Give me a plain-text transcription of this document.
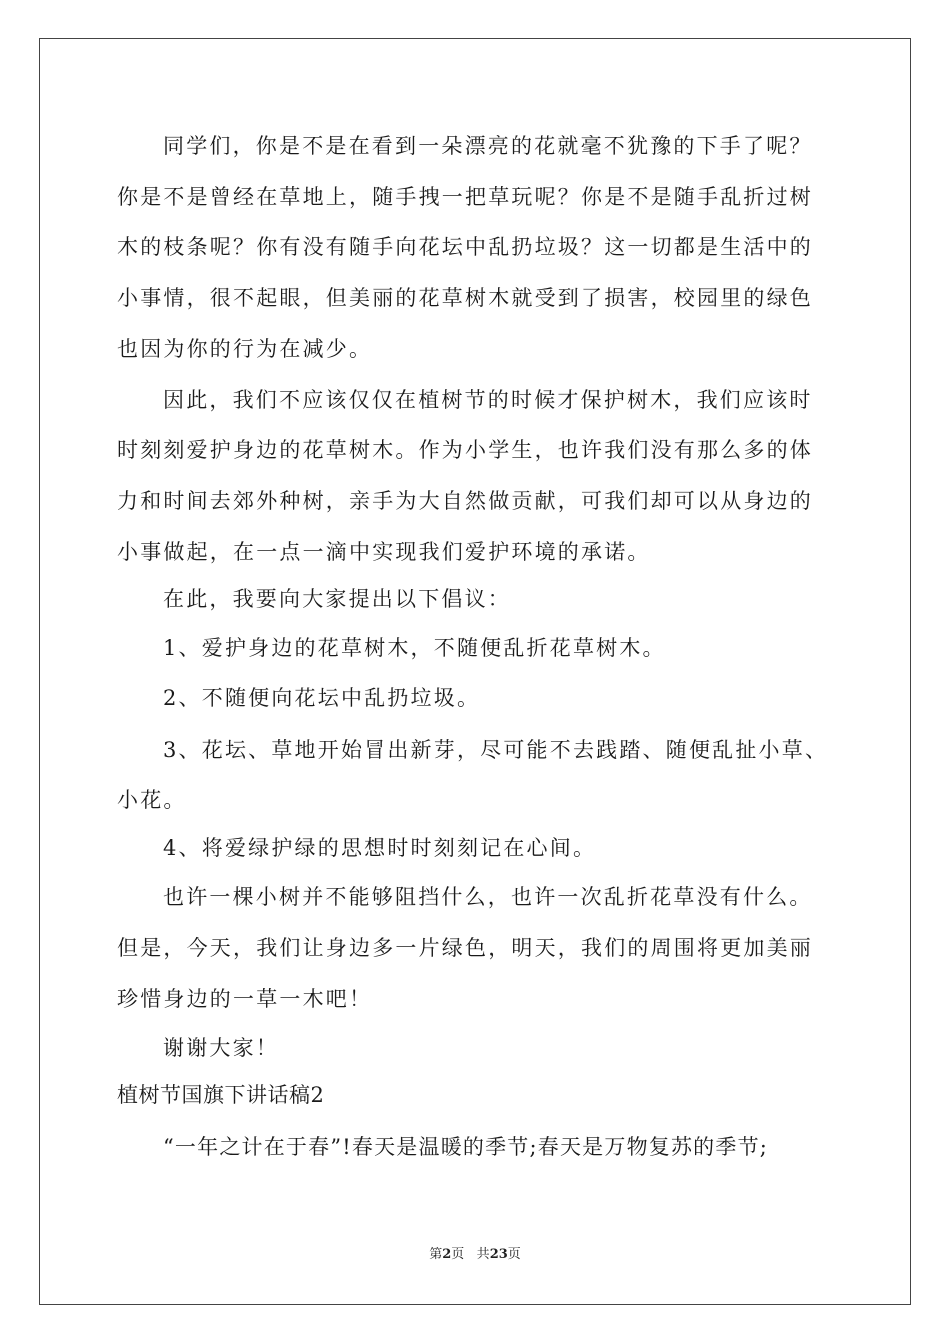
同学们，你是不是在看到一朵漂亮的花就毫不犹豫的下手了呢？
你是不是曾经在草地上，随手拽一把草玩呢？你是不是随手乱折过树
木的枝条呢？你有没有随手向花坛中乱扔垃圾？这一切都是生活中的
小事情，很不起眼，但美丽的花草树木就受到了损害，校园里的绿色
也因为你的行为在减少。
因此，我们不应该仅仅在植树节的时候才保护树木，我们应该时
时刻刻爱护身边的花草树木。作为小学生，也许我们没有那么多的体
力和时间去郊外种树，亲手为大自然做贡献，可我们却可以从身边的
小事做起，在一点一滴中实现我们爱护环境的承诺。
在此，我要向大家提出以下倡议：
1、爱护身边的花草树木，不随便乱折花草树木。
2、不随便向花坛中乱扔垃圾。
3、花坛、草地开始冒出新芽，尽可能不去践踏、随便乱扯小草、
小花。
4、将爱绿护绿的思想时时刻刻记在心间。
也许一棵小树并不能够阻挡什么，也许一次乱折花草没有什么。
但是，今天，我们让身边多一片绿色，明天，我们的周围将更加美丽
珍惜身边的一草一木吧！
谢谢大家！
植树节国旗下讲话稿2
“一年之计在于春”!春天是温暖的季节;春天是万物复苏的季节;
第2页 共23页
